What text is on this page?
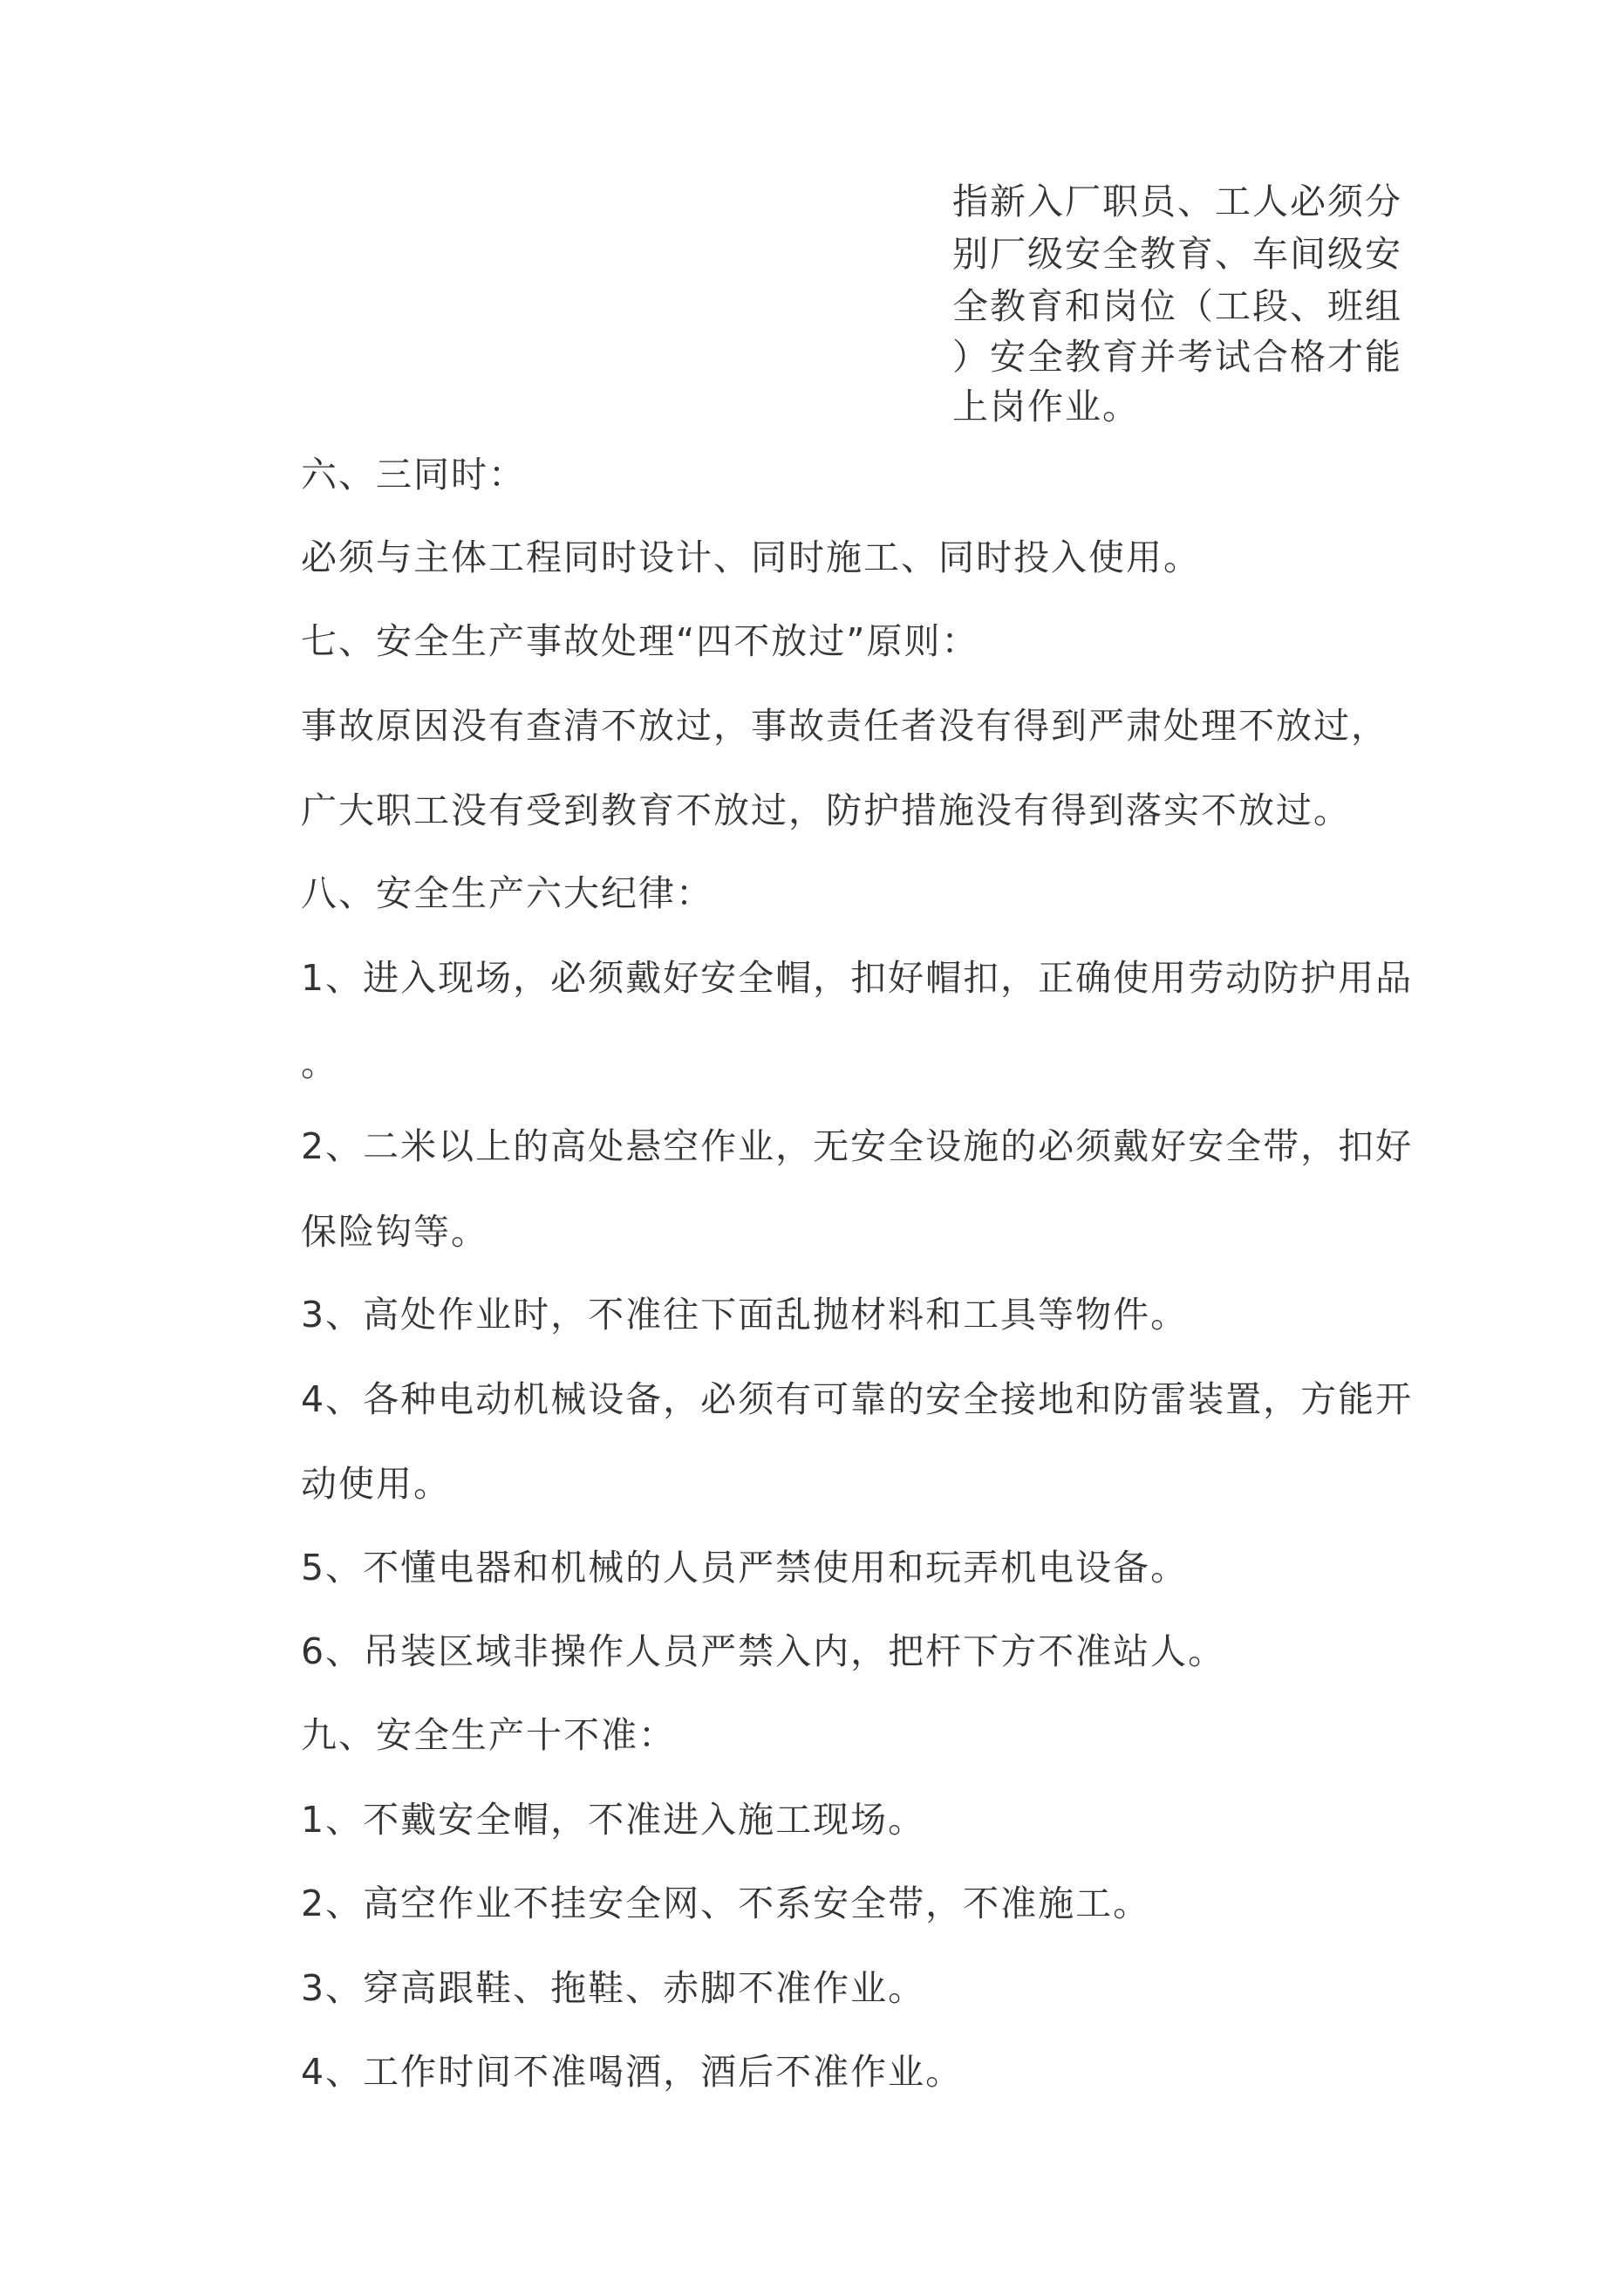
指新入厂职员、工人必须分
别厂级安全教育、车间级安
全教育和岗位（工段、班组
）安全教育并考试合格才能
上岗作业。
六、三同时：
必须与主体工程同时设计、同时施工、同时投入使用。
七、安全生产事故处理“四不放过”原则：
事故原因没有查清不放过，事故责任者没有得到严肃处理不放过，
广大职工没有受到教育不放过，防护措施没有得到落实不放过。
八、安全生产六大纪律：
1、进入现场，必须戴好安全帽，扣好帽扣，正确使用劳动防护用品
。
2、二米以上的高处悬空作业，无安全设施的必须戴好安全带，扣好
保险钩等。
3、高处作业时，不准往下面乱抛材料和工具等物件。
4、各种电动机械设备，必须有可靠的安全接地和防雷装置，方能开
动使用。
5、不懂电器和机械的人员严禁使用和玩弄机电设备。
6、吊装区域非操作人员严禁入内，把杆下方不准站人。
九、安全生产十不准：
1、不戴安全帽，不准进入施工现场。
2、高空作业不挂安全网、不系安全带，不准施工。
3、穿高跟鞋、拖鞋、赤脚不准作业。
4、工作时间不准喝酒，酒后不准作业。
